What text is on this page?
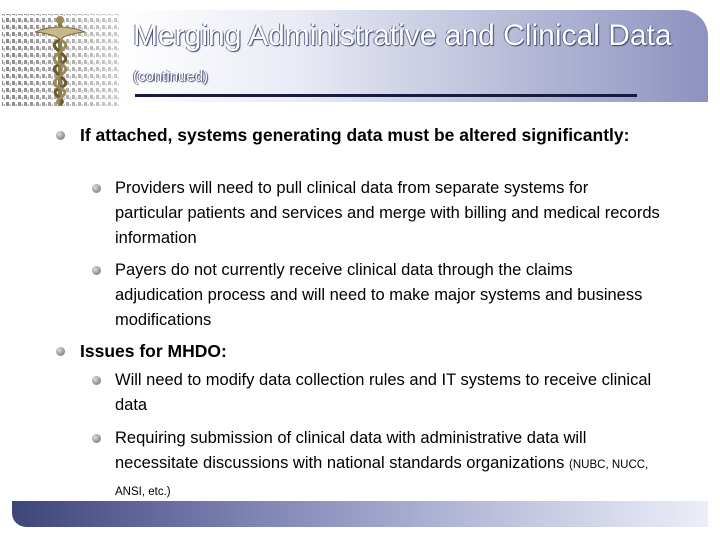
Merging Administrative and Clinical Data (continued)
If attached, systems generating data must be altered significantly:
Providers will need to pull clinical data from separate systems for particular patients and services and merge with billing and medical records information
Payers do not currently receive clinical data through the claims adjudication process and will need to make major systems and business modifications
Issues for MHDO:
Will need to modify data collection rules and IT systems to receive clinical data
Requiring submission of clinical data with administrative data will necessitate discussions with national standards organizations (NUBC, NUCC, ANSI, etc.)
